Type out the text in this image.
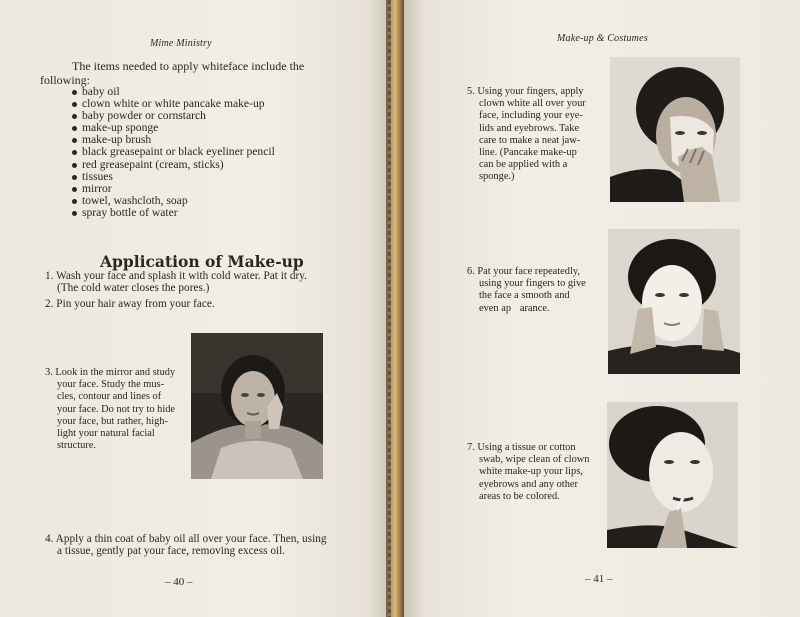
Mime Ministry
The items needed to apply whiteface include the
following:
baby oil
clown white or white pancake make-up
baby powder or cornstarch
make-up sponge
make-up brush
black greasepaint or black eyeliner pencil
red greasepaint (cream, sticks)
tissues
mirror
towel, washcloth, soap
spray bottle of water
Application of Make-up
1. Wash your face and splash it with cold water. Pat it dry.
(The cold water closes the pores.)
2. Pin your hair away from your face.
3. Look in the mirror and study
your face. Study the mus-
cles, contour and lines of
your face. Do not try to hide
your face, but rather, high-
light your natural facial
structure.
4. Apply a thin coat of baby oil all over your face. Then, using
a tissue, gently pat your face, removing excess oil.
– 40 –
Make-up & Costumes
5. Using your fingers, apply
clown white all over your
face, including your eye-
lids and eyebrows. Take
care to make a neat jaw-
line. (Pancake make-up
can be applied with a
sponge.)
6. Pat your face repeatedly,
using your fingers to give
the face a smooth and
even ap    arance.
7. Using a tissue or cotton
swab, wipe clean of clown
white make-up your lips,
eyebrows and any other
areas to be colored.
– 41 –
